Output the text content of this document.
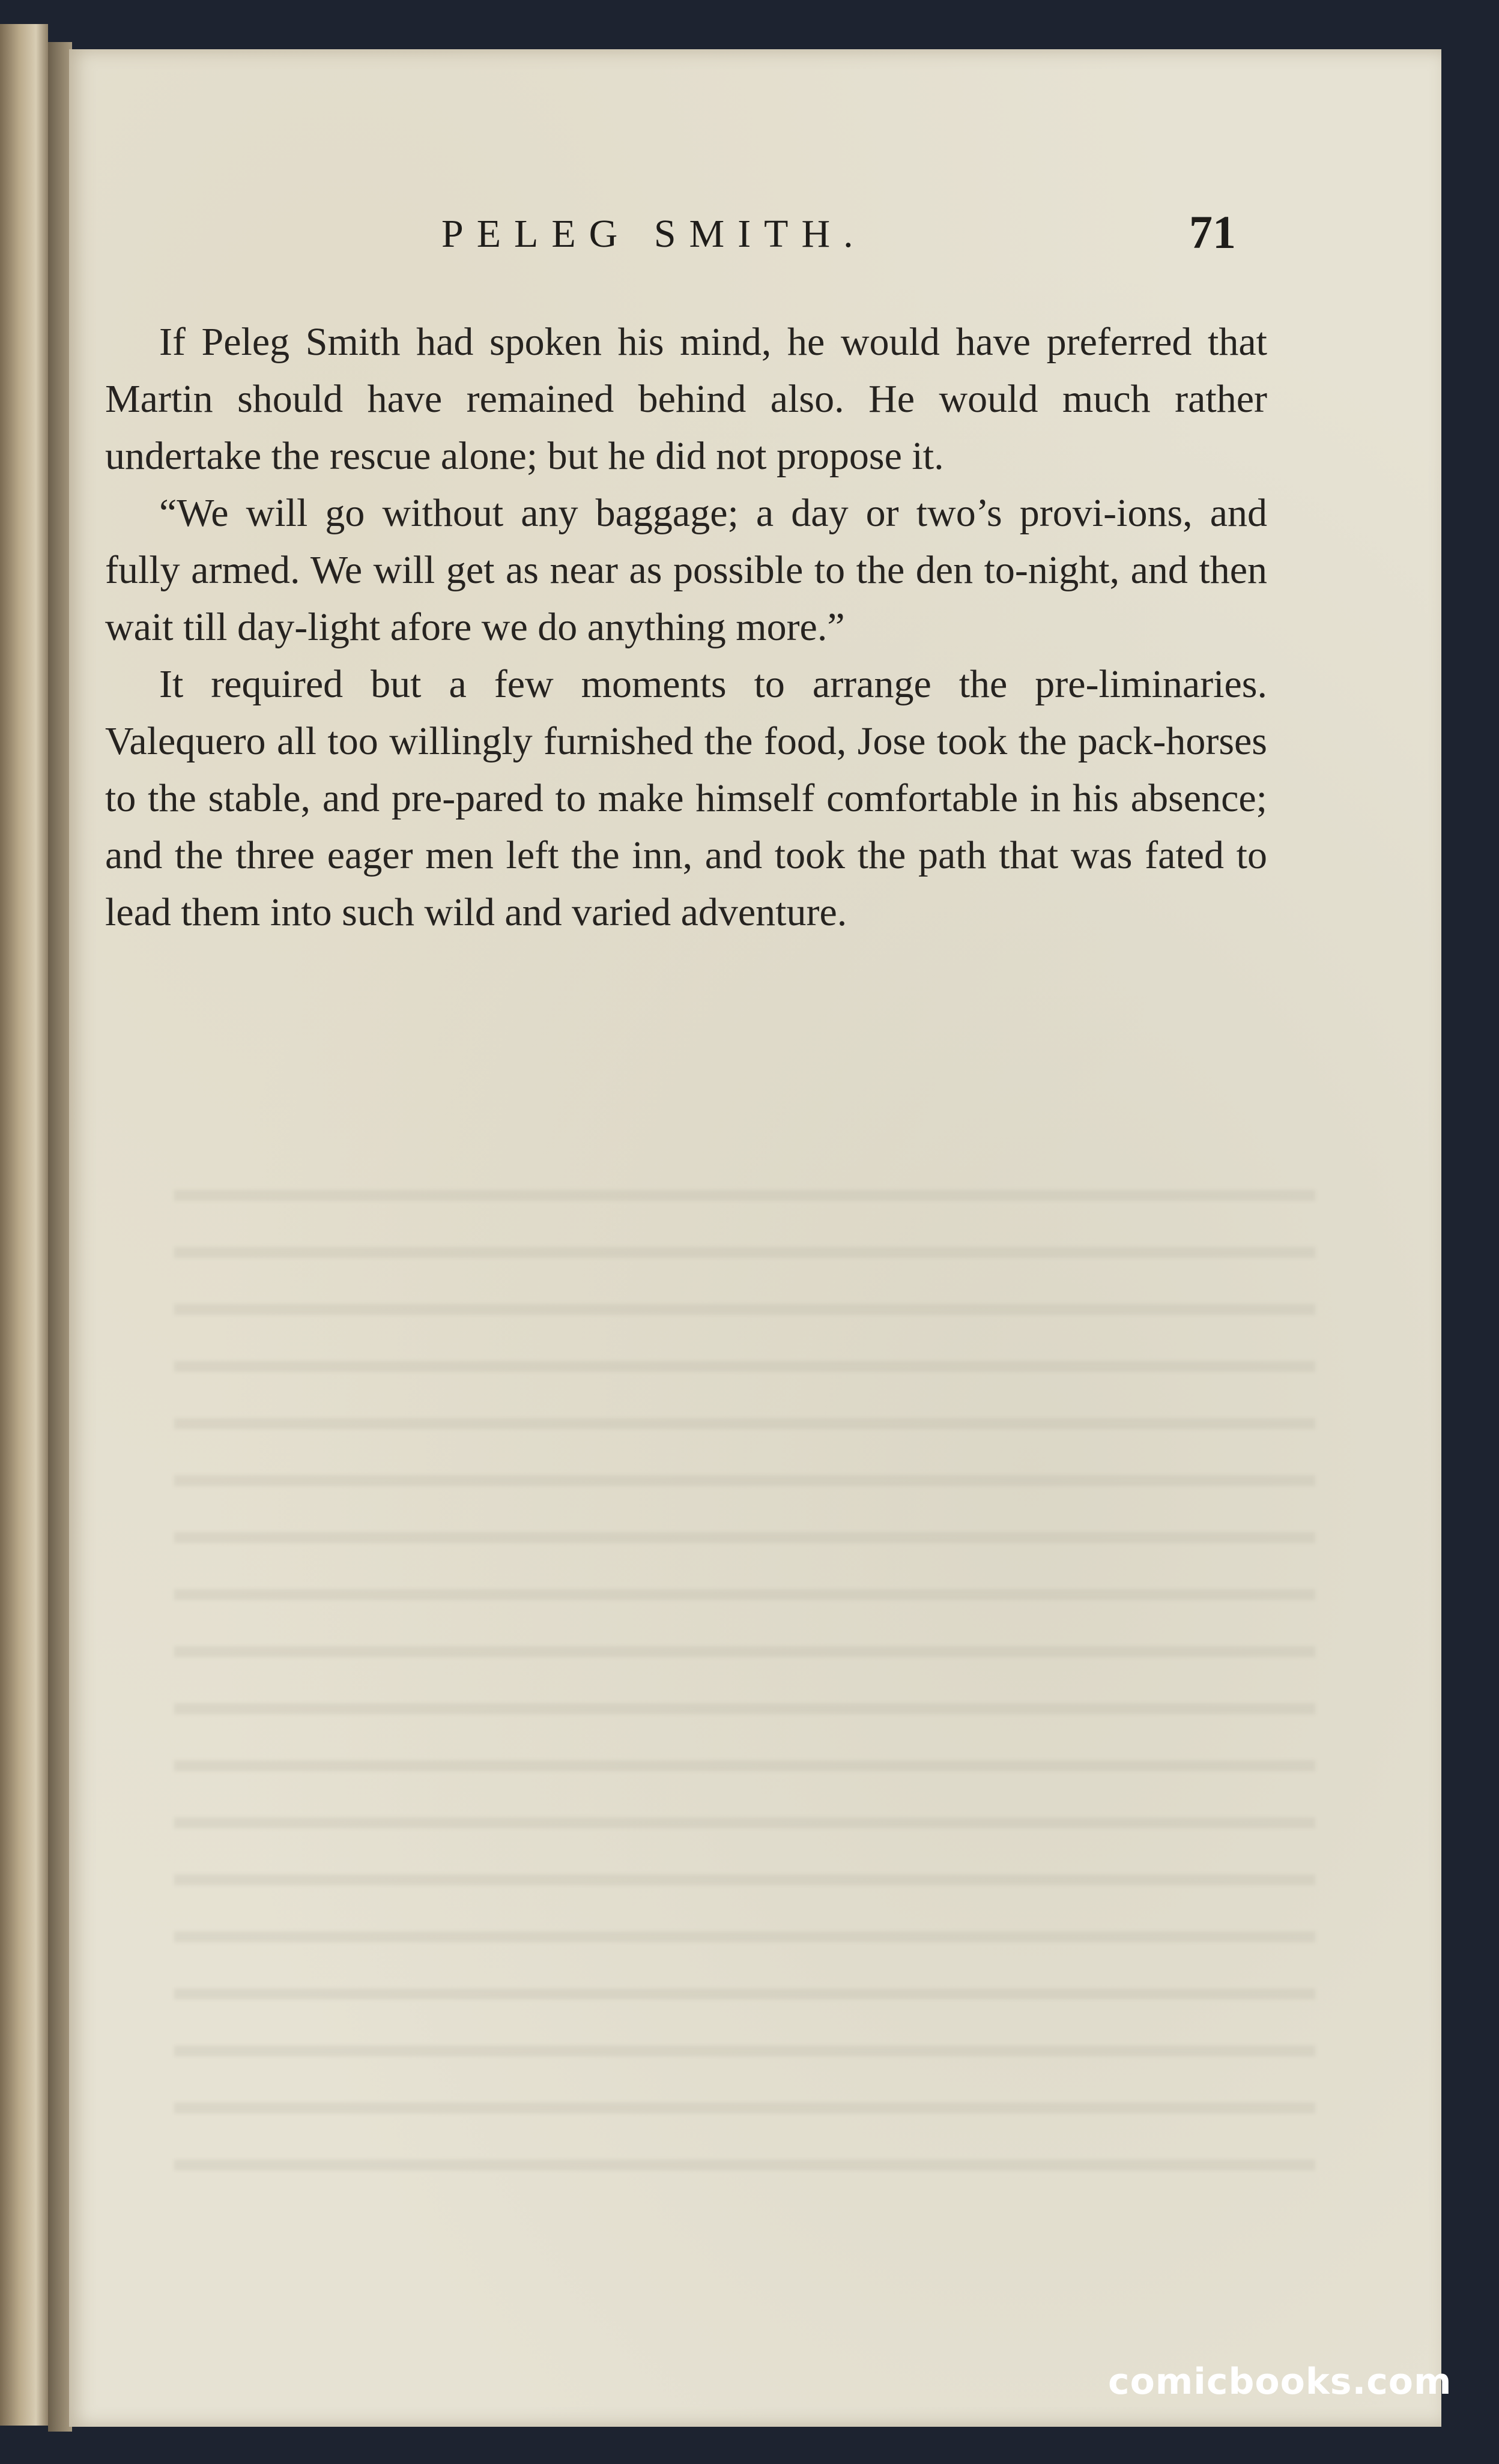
PELEG SMITH.	71

If Peleg Smith had spoken his mind, he would have preferred that Martin should have remained behind also. He would much rather undertake the rescue alone; but he did not propose it.

“We will go without any baggage; a day or two’s provi-ions, and fully armed. We will get as near as possible to the den to-night, and then wait till day-light afore we do anything more.”

It required but a few moments to arrange the pre-liminaries. Valequero all too willingly furnished the food, Jose took the pack-horses to the stable, and pre-pared to make himself comfortable in his absence; and the three eager men left the inn, and took the path that was fated to lead them into such wild and varied adventure.

comicbooks.com
